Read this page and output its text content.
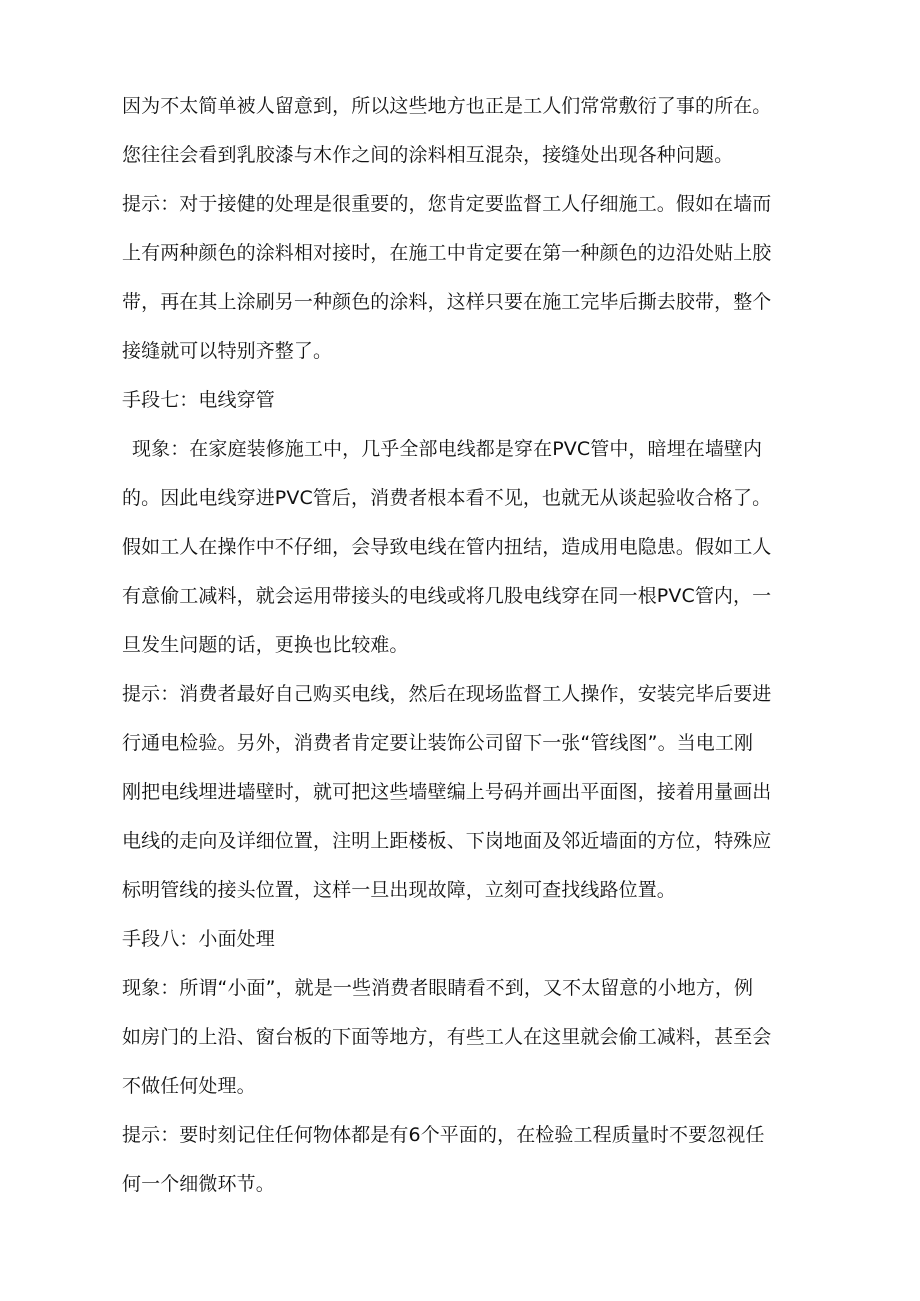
因为不太简单被人留意到，所以这些地方也正是工人们常常敷衍了事的所在。
您往往会看到乳胶漆与木作之间的涂料相互混杂，接缝处出现各种问题。
提示：对于接健的处理是很重要的，您肯定要监督工人仔细施工。假如在墙而
上有两种颜色的涂料相对接时，在施工中肯定要在第一种颜色的边沿处贴上胶
带，再在其上涂刷另一种颜色的涂料，这样只要在施工完毕后撕去胶带，整个
接缝就可以特别齐整了。
手段七：电线穿管
现象：在家庭装修施工中，几乎全部电线都是穿在PVC管中，暗埋在墙壁内
的。因此电线穿进PVC管后，消费者根本看不见，也就无从谈起验收合格了。
假如工人在操作中不仔细，会导致电线在管内扭结，造成用电隐患。假如工人
有意偷工减料，就会运用带接头的电线或将几股电线穿在同一根PVC管内，一
旦发生问题的话，更换也比较难。
提示：消费者最好自己购买电线，然后在现场监督工人操作，安装完毕后要进
行通电检验。另外，消费者肯定要让装饰公司留下一张“管线图”。当电工刚
刚把电线埋进墙壁时，就可把这些墙壁编上号码并画出平面图，接着用量画出
电线的走向及详细位置，注明上距楼板、下岗地面及邻近墙面的方位，特殊应
标明管线的接头位置，这样一旦出现故障，立刻可查找线路位置。
手段八：小面处理
现象：所谓“小面”，就是一些消费者眼睛看不到，又不太留意的小地方，例
如房门的上沿、窗台板的下面等地方，有些工人在这里就会偷工减料，甚至会
不做任何处理。
提示：要时刻记住任何物体都是有6个平面的，在检验工程质量时不要忽视任
何一个细微环节。
